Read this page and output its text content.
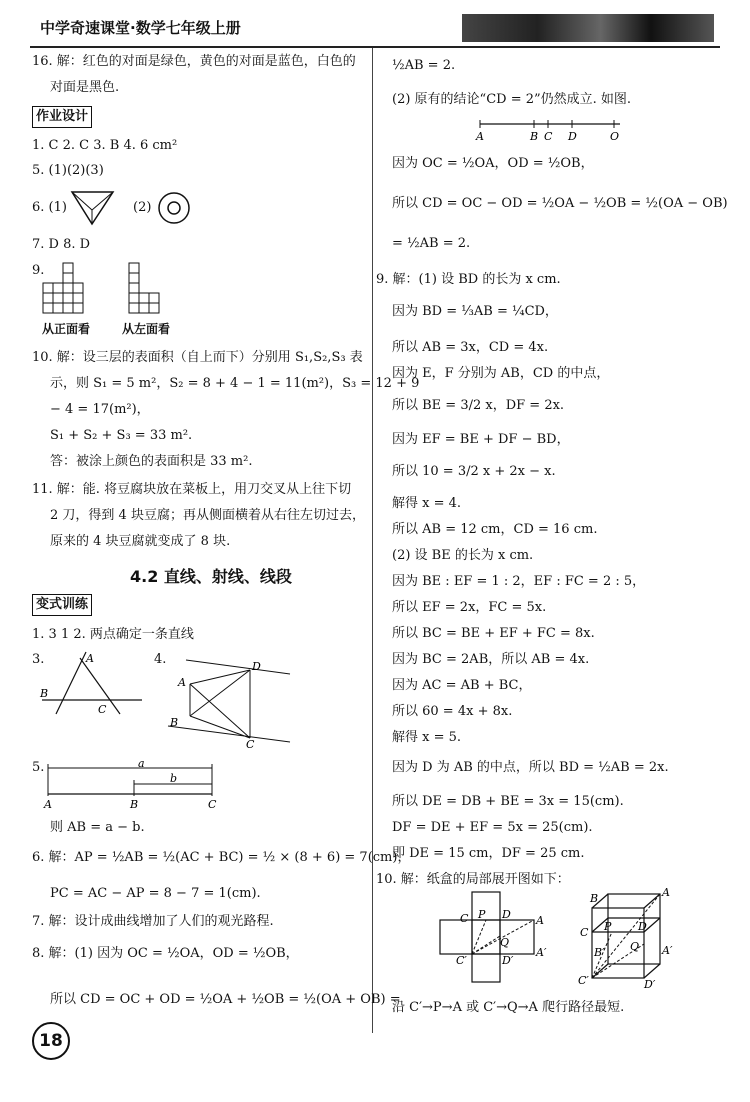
中学奇速课堂·数学七年级上册
16. 解：红色的对面是绿色，黄色的对面是蓝色，白色的
对面是黑色.
作业设计
1. C 2. C 3. B 4. 6 cm²
5. (1)(2)(3)
6. (1)	(2)
7. D 8. D
9.
从正面看	从左面看
10. 解：设三层的表面积（自上而下）分别用 S₁,S₂,S₃ 表
示，则 S₁ = 5 m²，S₂ = 8 + 4 − 1 = 11(m²)，S₃ = 12 + 9
− 4 = 17(m²)，
S₁ + S₂ + S₃ = 33 m².
答：被涂上颜色的表面积是 33 m².
11. 解：能. 将豆腐块放在菜板上，用刀交叉从上往下切
2 刀，得到 4 块豆腐；再从侧面横着从右往左切过去，
原来的 4 块豆腐就变成了 8 块.
4.2 直线、射线、线段
变式训练
1. 3 1 2. 两点确定一条直线
3.	A
B
C
4.	D
A
B
C
5.	a
b
A	B	C
则 AB = a − b.
6. 解：AP = ½AB = ½(AC + BC) = ½ × (8 + 6) = 7(cm)，
PC = AC − AP = 8 − 7 = 1(cm).
7. 解：设计成曲线增加了人们的观光路程.
8. 解：(1) 因为 OC = ½OA，OD = ½OB，
所以 CD = OC + OD = ½OA + ½OB = ½(OA + OB) =
18
½AB = 2.
(2) 原有的结论“CD = 2”仍然成立. 如图.
A	B C D	O
因为 OC = ½OA，OD = ½OB，
所以 CD = OC − OD = ½OA − ½OB = ½(OA − OB)
= ½AB = 2.
9. 解：(1) 设 BD 的长为 x cm.
因为 BD = ⅓AB = ¼CD，
所以 AB = 3x，CD = 4x.
因为 E，F 分别为 AB，CD 的中点，
所以 BE = 3/2 x，DF = 2x.
因为 EF = BE + DF − BD，
所以 10 = 3/2 x + 2x − x.
解得 x = 4.
所以 AB = 12 cm，CD = 16 cm.
(2) 设 BE 的长为 x cm.
因为 BE : EF = 1 : 2，EF : FC = 2 : 5，
所以 EF = 2x，FC = 5x.
所以 BC = BE + EF + FC = 8x.
因为 BC = 2AB，所以 AB = 4x.
因为 AC = AB + BC，
所以 60 = 4x + 8x.
解得 x = 5.
因为 D 为 AB 的中点，所以 BD = ½AB = 2x.
所以 DE = DB + BE = 3x = 15(cm).
DF = DE + EF = 5x = 25(cm).
即 DE = 15 cm，DF = 25 cm.
10. 解：纸盒的局部展开图如下：
C P D A
Q
C′	D′
A′
B	A
C P D
Q
B′	A′
C′	D′
沿 C′→P→A 或 C′→Q→A 爬行路径最短.
